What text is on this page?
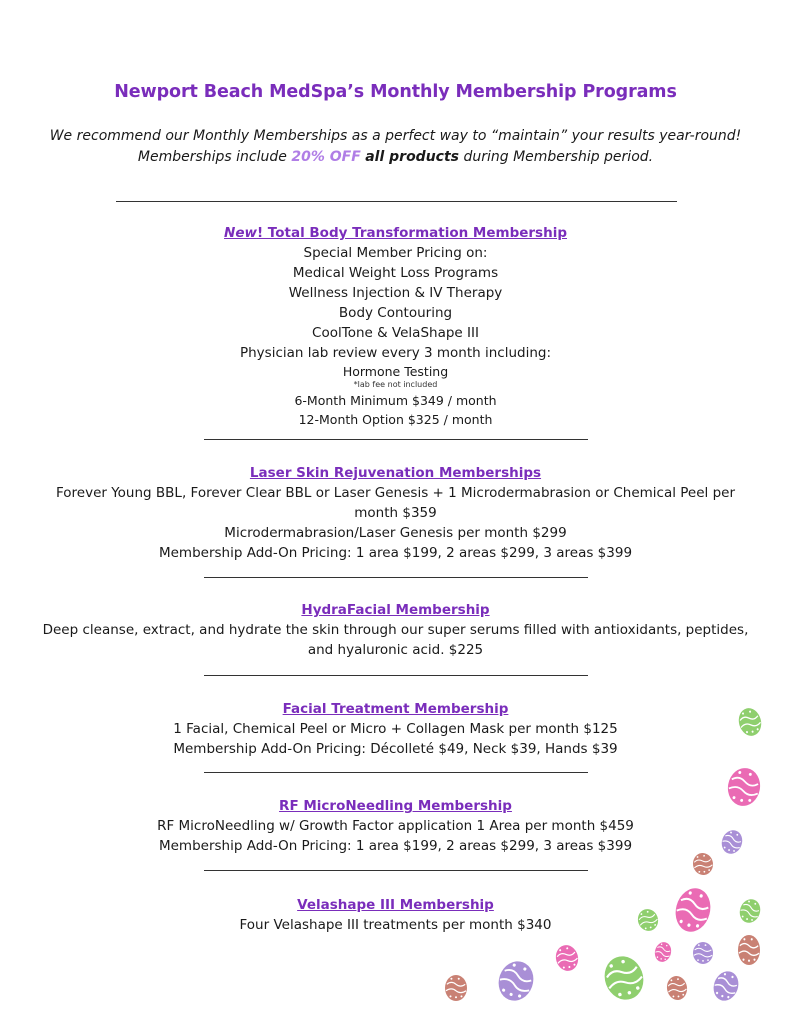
Newport Beach MedSpa’s Monthly Membership Programs
We recommend our Monthly Memberships as a perfect way to “maintain” your results year-round!
Memberships include 20% OFF all products during Membership period.
New! Total Body Transformation Membership
Special Member Pricing on:
Medical Weight Loss Programs
Wellness Injection & IV Therapy
Body Contouring
CoolTone & VelaShape III
Physician lab review every 3 month including:
Hormone Testing
*lab fee not included
6-Month Minimum $349 / month
12-Month Option $325 / month
Laser Skin Rejuvenation Memberships
Forever Young BBL, Forever Clear BBL or Laser Genesis + 1 Microdermabrasion or Chemical Peel per
month $359
Microdermabrasion/Laser Genesis per month $299
Membership Add-On Pricing: 1 area $199, 2 areas $299, 3 areas $399
HydraFacial Membership
Deep cleanse, extract, and hydrate the skin through our super serums filled with antioxidants, peptides,
and hyaluronic acid. $225
Facial Treatment Membership
1 Facial, Chemical Peel or Micro + Collagen Mask per month $125
Membership Add-On Pricing: Décolleté $49, Neck $39, Hands $39
RF MicroNeedling Membership
RF MicroNeedling w/ Growth Factor application 1 Area per month $459
Membership Add-On Pricing: 1 area $199, 2 areas $299, 3 areas $399
Velashape III Membership
Four Velashape III treatments per month $340
